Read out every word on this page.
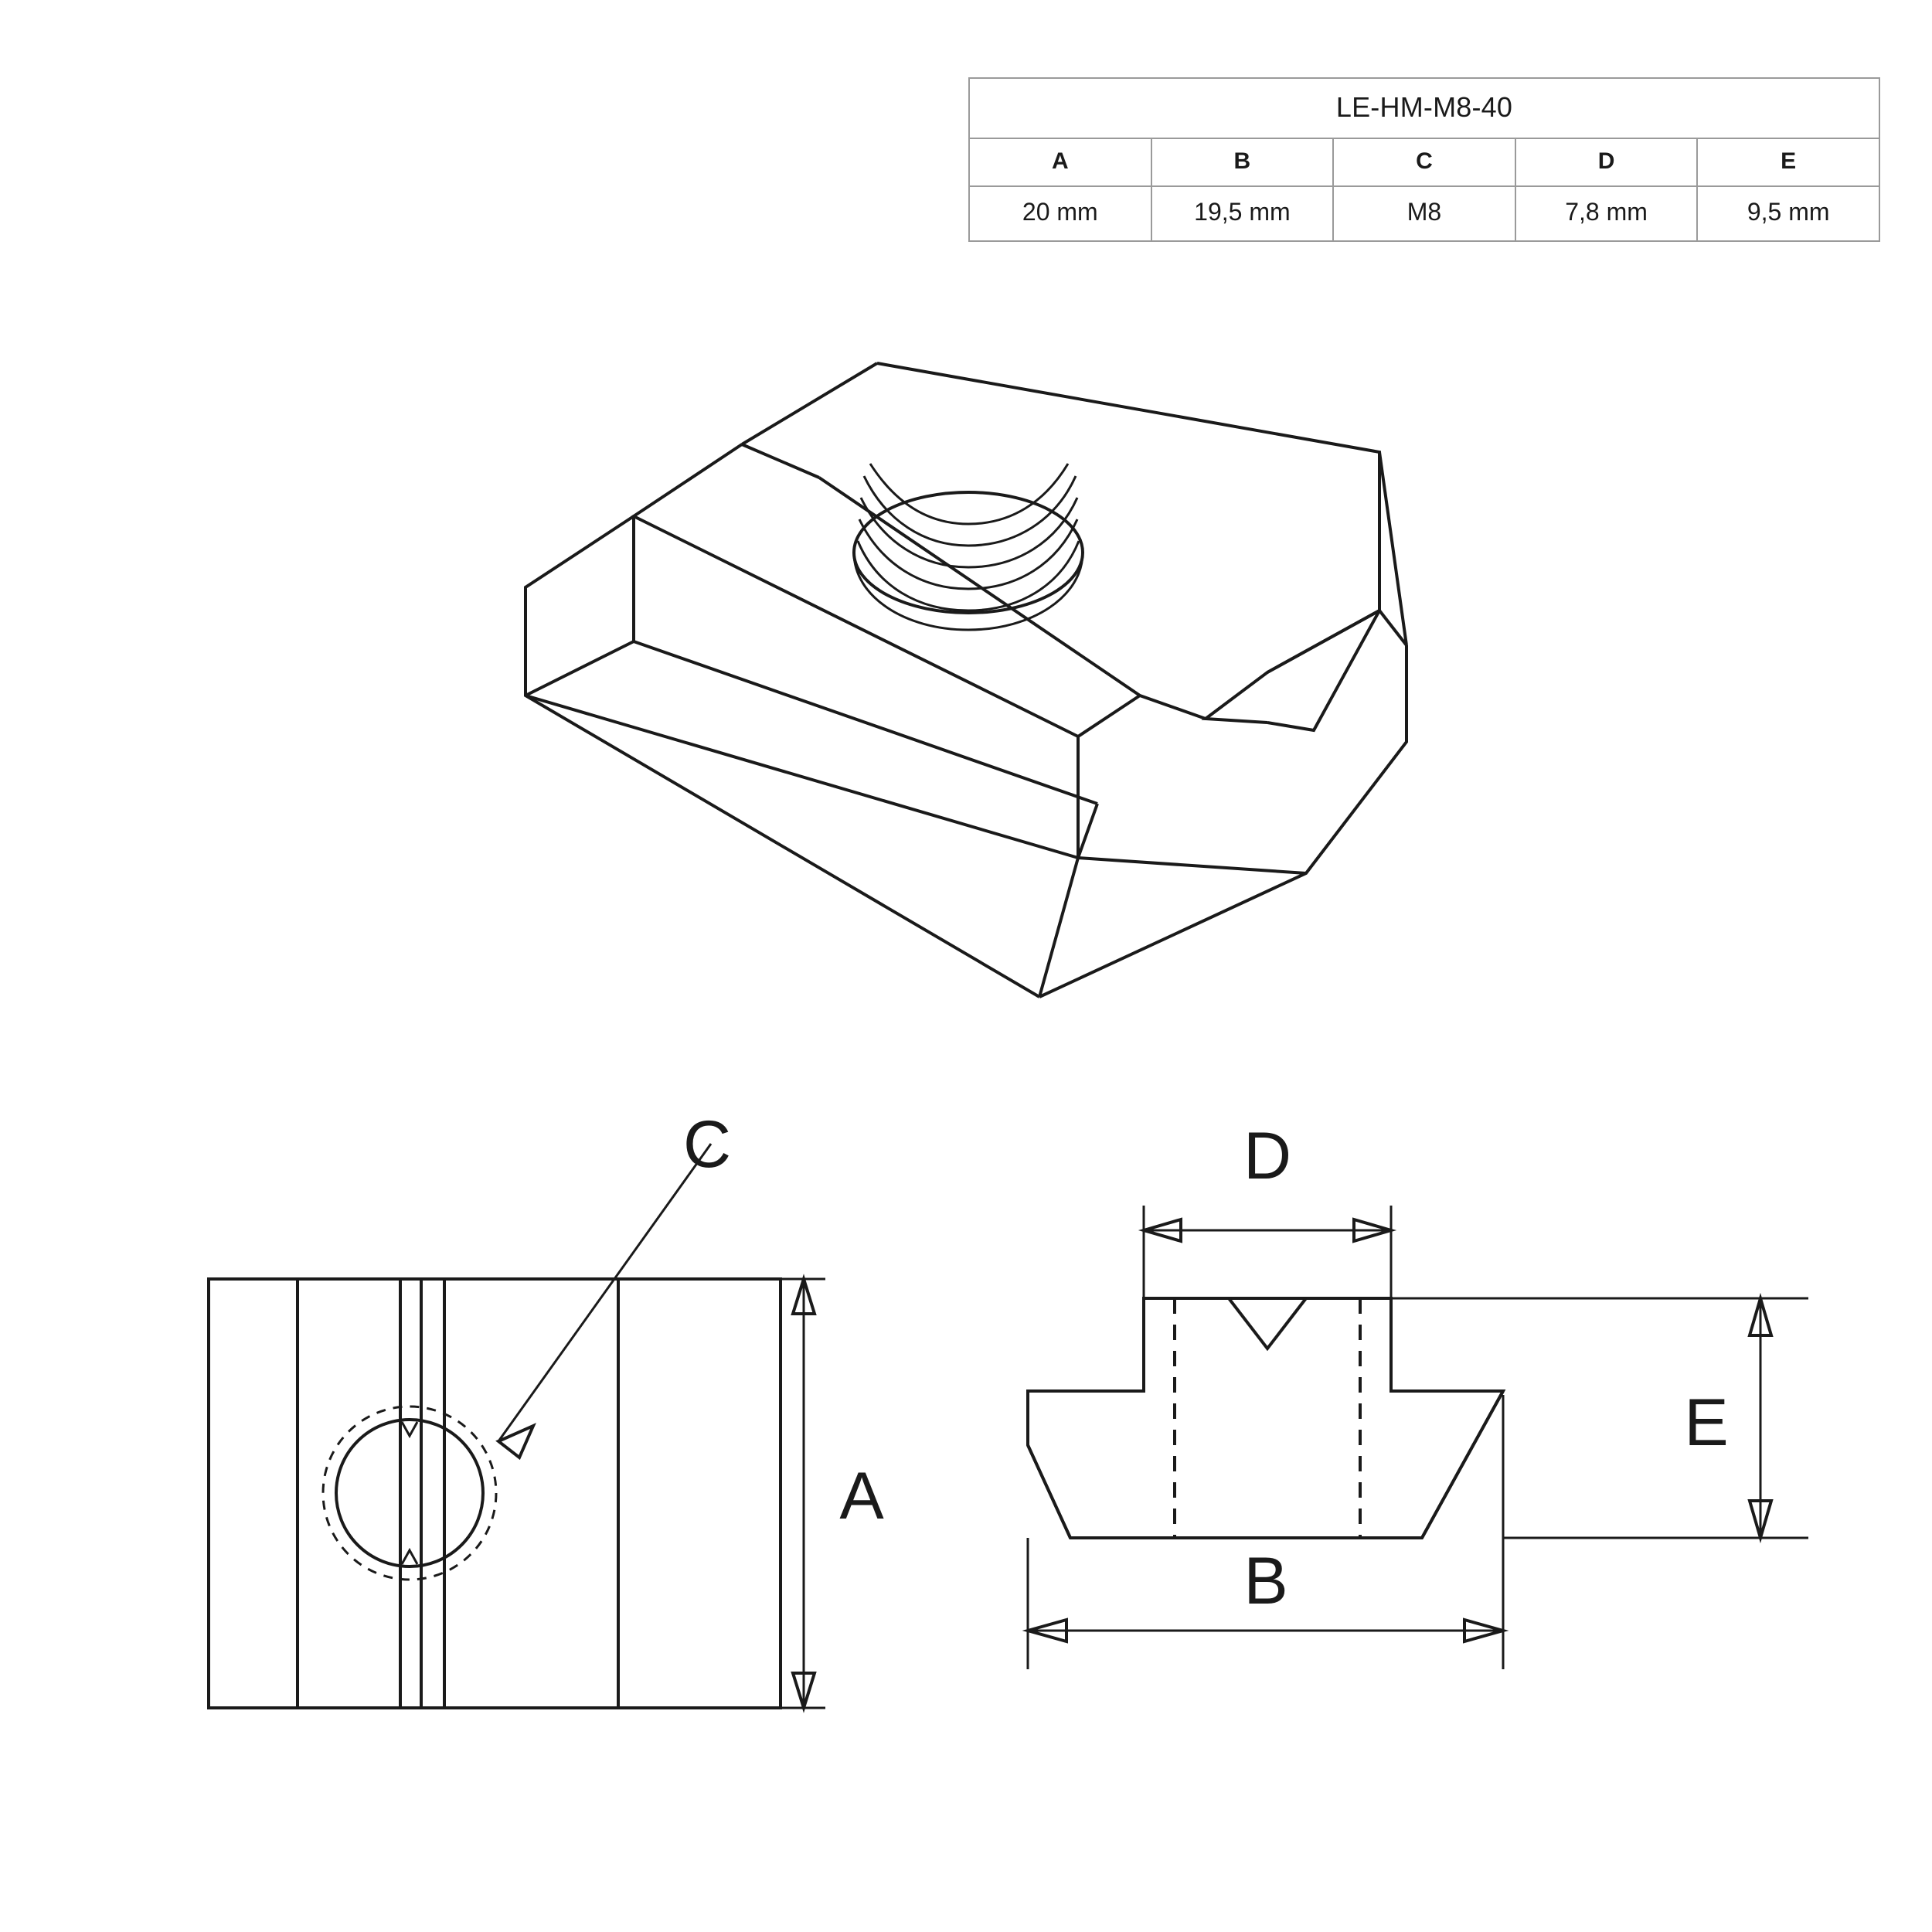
LE-HM-M8-40				
A	B	C	D	E
20 mm	19,5 mm	M8	7,8 mm	9,5 mm
C
A
D
B
E
